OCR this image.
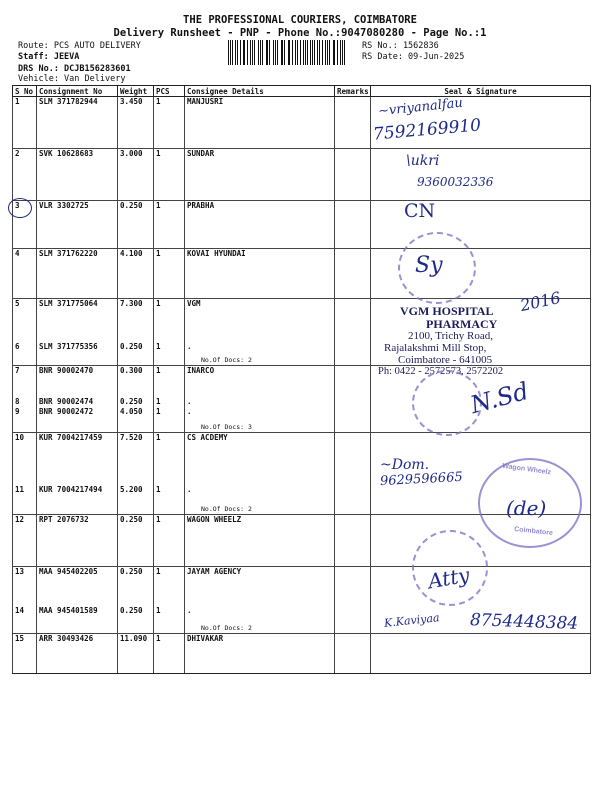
THE PROFESSIONAL COURIERS, COIMBATORE
Delivery Runsheet - PNP - Phone No.:9047080280 - Page No.:1
Route: PCS AUTO DELIVERY
Staff: JEEVA
DRS No.: DCJB156283601
Vehicle: Van Delivery
RS No.: 1562836
RS Date: 09-Jun-2025
S No	Consignment No	Weight	PCS	Consignee Details	Remarks	Seal & Signature
1	SLM 371782944	3.450	1	MANJUSRI		
2	SVK 10628683	3.000	1	SUNDAR		
3	VLR 3302725	0.250	1	PRABHA		
4	SLM 371762220	4.100	1	KOVAI HYUNDAI		
5	SLM 371775064	7.300	1	VGM		
6	SLM 371775356	0.250	1	.
No.Of Docs: 2		

7	BNR 90002470	0.300	1	INARCO		
8	BNR 90002474	0.250	1	.		
9	BNR 90002472	4.050	1	.
No.Of Docs: 3		

10	KUR 7004217459	7.520	1	CS ACDEMY		
11	KUR 7004217494	5.200	1	.
No.Of Docs: 2		

12	RPT 2076732	0.250	1	WAGON WHEELZ		
13	MAA 945402205	0.250	1	JAYAM AGENCY		
14	MAA 945401589	0.250	1	.
No.Of Docs: 2		

15	ARR 30493426	11.090	1	DHIVAKAR		
~vriyanalfau
7592169910
\ukri
9360032336
CN
Sy
VGM HOSPITAL
PHARMACY
2100, Trichy Road,
Rajalakshmi Mill Stop,
Coimbatore - 641005
Ph: 0422 - 2572573, 2572202
2016
N.Sd
~Dom.
9629596665
Wagon Wheelz
Coimbatore
(de)
Atty
K.Kaviyaa 8754448384
